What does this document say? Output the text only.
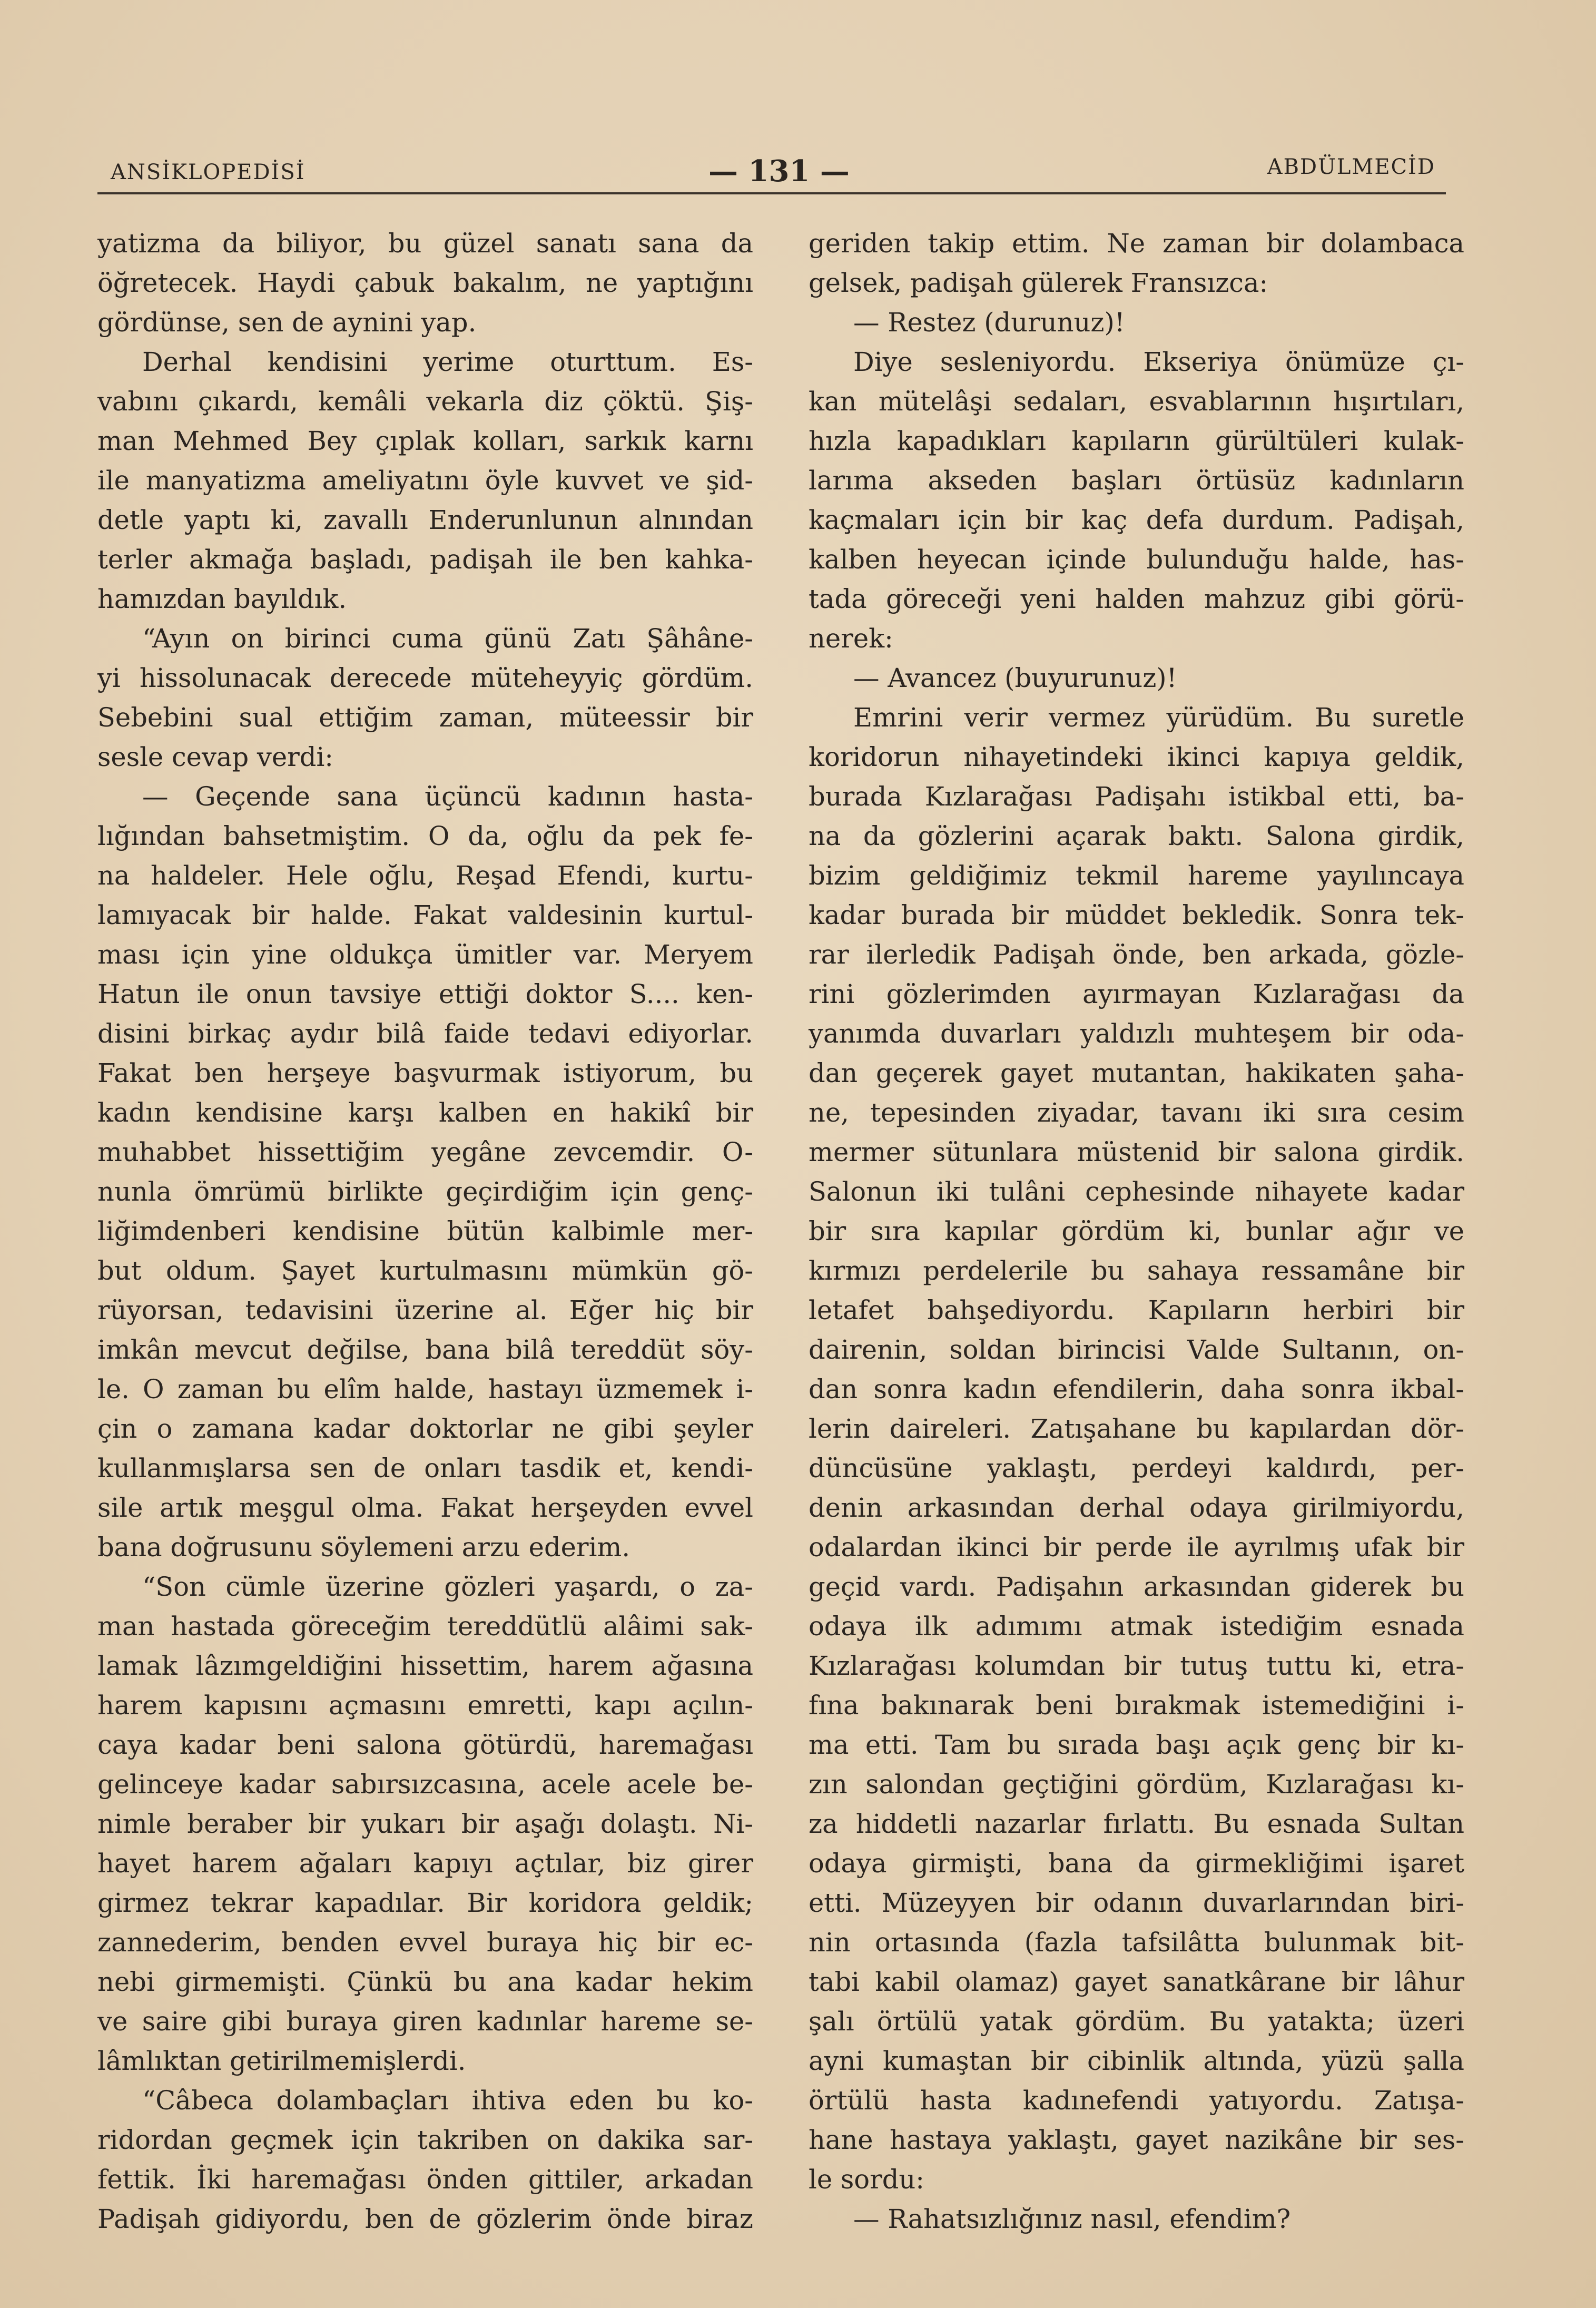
ANSİKLOPEDİSİ	— 131 —	ABDÜLMECİD
yatizma da biliyor, bu güzel sanatı sana da
öğretecek. Haydi çabuk bakalım, ne yaptığını
gördünse, sen de aynini yap.
Derhal kendisini yerime oturttum. Es-
vabını çıkardı, kemâli vekarla diz çöktü. Şiş-
man Mehmed Bey çıplak kolları, sarkık karnı
ile manyatizma ameliyatını öyle kuvvet ve şid-
detle yaptı ki, zavallı Enderunlunun alnından
terler akmağa başladı, padişah ile ben kahka-
hamızdan bayıldık.
“Ayın on birinci cuma günü Zatı Şâhâne-
yi hissolunacak derecede müteheyyiç gördüm.
Sebebini sual ettiğim zaman, müteessir bir
sesle cevap verdi:
— Geçende sana üçüncü kadının hasta-
lığından bahsetmiştim. O da, oğlu da pek fe-
na haldeler. Hele oğlu, Reşad Efendi, kurtu-
lamıyacak bir halde. Fakat valdesinin kurtul-
ması için yine oldukça ümitler var. Meryem
Hatun ile onun tavsiye ettiği doktor S.... ken-
disini birkaç aydır bilâ faide tedavi ediyorlar.
Fakat ben herşeye başvurmak istiyorum, bu
kadın kendisine karşı kalben en hakikî bir
muhabbet hissettiğim yegâne zevcemdir. O-
nunla ömrümü birlikte geçirdiğim için genç-
liğimdenberi kendisine bütün kalbimle mer-
but oldum. Şayet kurtulmasını mümkün gö-
rüyorsan, tedavisini üzerine al. Eğer hiç bir
imkân mevcut değilse, bana bilâ tereddüt söy-
le. O zaman bu elîm halde, hastayı üzmemek i-
çin o zamana kadar doktorlar ne gibi şeyler
kullanmışlarsa sen de onları tasdik et, kendi-
sile artık meşgul olma. Fakat herşeyden evvel
bana doğrusunu söylemeni arzu ederim.
“Son cümle üzerine gözleri yaşardı, o za-
man hastada göreceğim tereddütlü alâimi sak-
lamak lâzımgeldiğini hissettim, harem ağasına
harem kapısını açmasını emretti, kapı açılın-
caya kadar beni salona götürdü, haremağası
gelinceye kadar sabırsızcasına, acele acele be-
nimle beraber bir yukarı bir aşağı dolaştı. Ni-
hayet harem ağaları kapıyı açtılar, biz girer
girmez tekrar kapadılar. Bir koridora geldik;
zannederim, benden evvel buraya hiç bir ec-
nebi girmemişti. Çünkü bu ana kadar hekim
ve saire gibi buraya giren kadınlar hareme se-
lâmlıktan getirilmemişlerdi.
“Câbeca dolambaçları ihtiva eden bu ko-
ridordan geçmek için takriben on dakika sar-
fettik. İki haremağası önden gittiler, arkadan
Padişah gidiyordu, ben de gözlerim önde biraz
geriden takip ettim. Ne zaman bir dolambaca
gelsek, padişah gülerek Fransızca:
— Restez (durunuz)!
Diye sesleniyordu. Ekseriya önümüze çı-
kan mütelâşi sedaları, esvablarının hışırtıları,
hızla kapadıkları kapıların gürültüleri kulak-
larıma akseden başları örtüsüz kadınların
kaçmaları için bir kaç defa durdum. Padişah,
kalben heyecan içinde bulunduğu halde, has-
tada göreceği yeni halden mahzuz gibi görü-
nerek:
— Avancez (buyurunuz)!
Emrini verir vermez yürüdüm. Bu suretle
koridorun nihayetindeki ikinci kapıya geldik,
burada Kızlarağası Padişahı istikbal etti, ba-
na da gözlerini açarak baktı. Salona girdik,
bizim geldiğimiz tekmil hareme yayılıncaya
kadar burada bir müddet bekledik. Sonra tek-
rar ilerledik Padişah önde, ben arkada, gözle-
rini gözlerimden ayırmayan Kızlarağası da
yanımda duvarları yaldızlı muhteşem bir oda-
dan geçerek gayet mutantan, hakikaten şaha-
ne, tepesinden ziyadar, tavanı iki sıra cesim
mermer sütunlara müstenid bir salona girdik.
Salonun iki tulâni cephesinde nihayete kadar
bir sıra kapılar gördüm ki, bunlar ağır ve
kırmızı perdelerile bu sahaya ressamâne bir
letafet bahşediyordu. Kapıların herbiri bir
dairenin, soldan birincisi Valde Sultanın, on-
dan sonra kadın efendilerin, daha sonra ikbal-
lerin daireleri. Zatışahane bu kapılardan dör-
düncüsüne yaklaştı, perdeyi kaldırdı, per-
denin arkasından derhal odaya girilmiyordu,
odalardan ikinci bir perde ile ayrılmış ufak bir
geçid vardı. Padişahın arkasından giderek bu
odaya ilk adımımı atmak istediğim esnada
Kızlarağası kolumdan bir tutuş tuttu ki, etra-
fına bakınarak beni bırakmak istemediğini i-
ma etti. Tam bu sırada başı açık genç bir kı-
zın salondan geçtiğini gördüm, Kızlarağası kı-
za hiddetli nazarlar fırlattı. Bu esnada Sultan
odaya girmişti, bana da girmekliğimi işaret
etti. Müzeyyen bir odanın duvarlarından biri-
nin ortasında (fazla tafsilâtta bulunmak bit-
tabi kabil olamaz) gayet sanatkârane bir lâhur
şalı örtülü yatak gördüm. Bu yatakta; üzeri
ayni kumaştan bir cibinlik altında, yüzü şalla
örtülü hasta kadınefendi yatıyordu. Zatışa-
hane hastaya yaklaştı, gayet nazikâne bir ses-
le sordu:
— Rahatsızlığınız nasıl, efendim?
